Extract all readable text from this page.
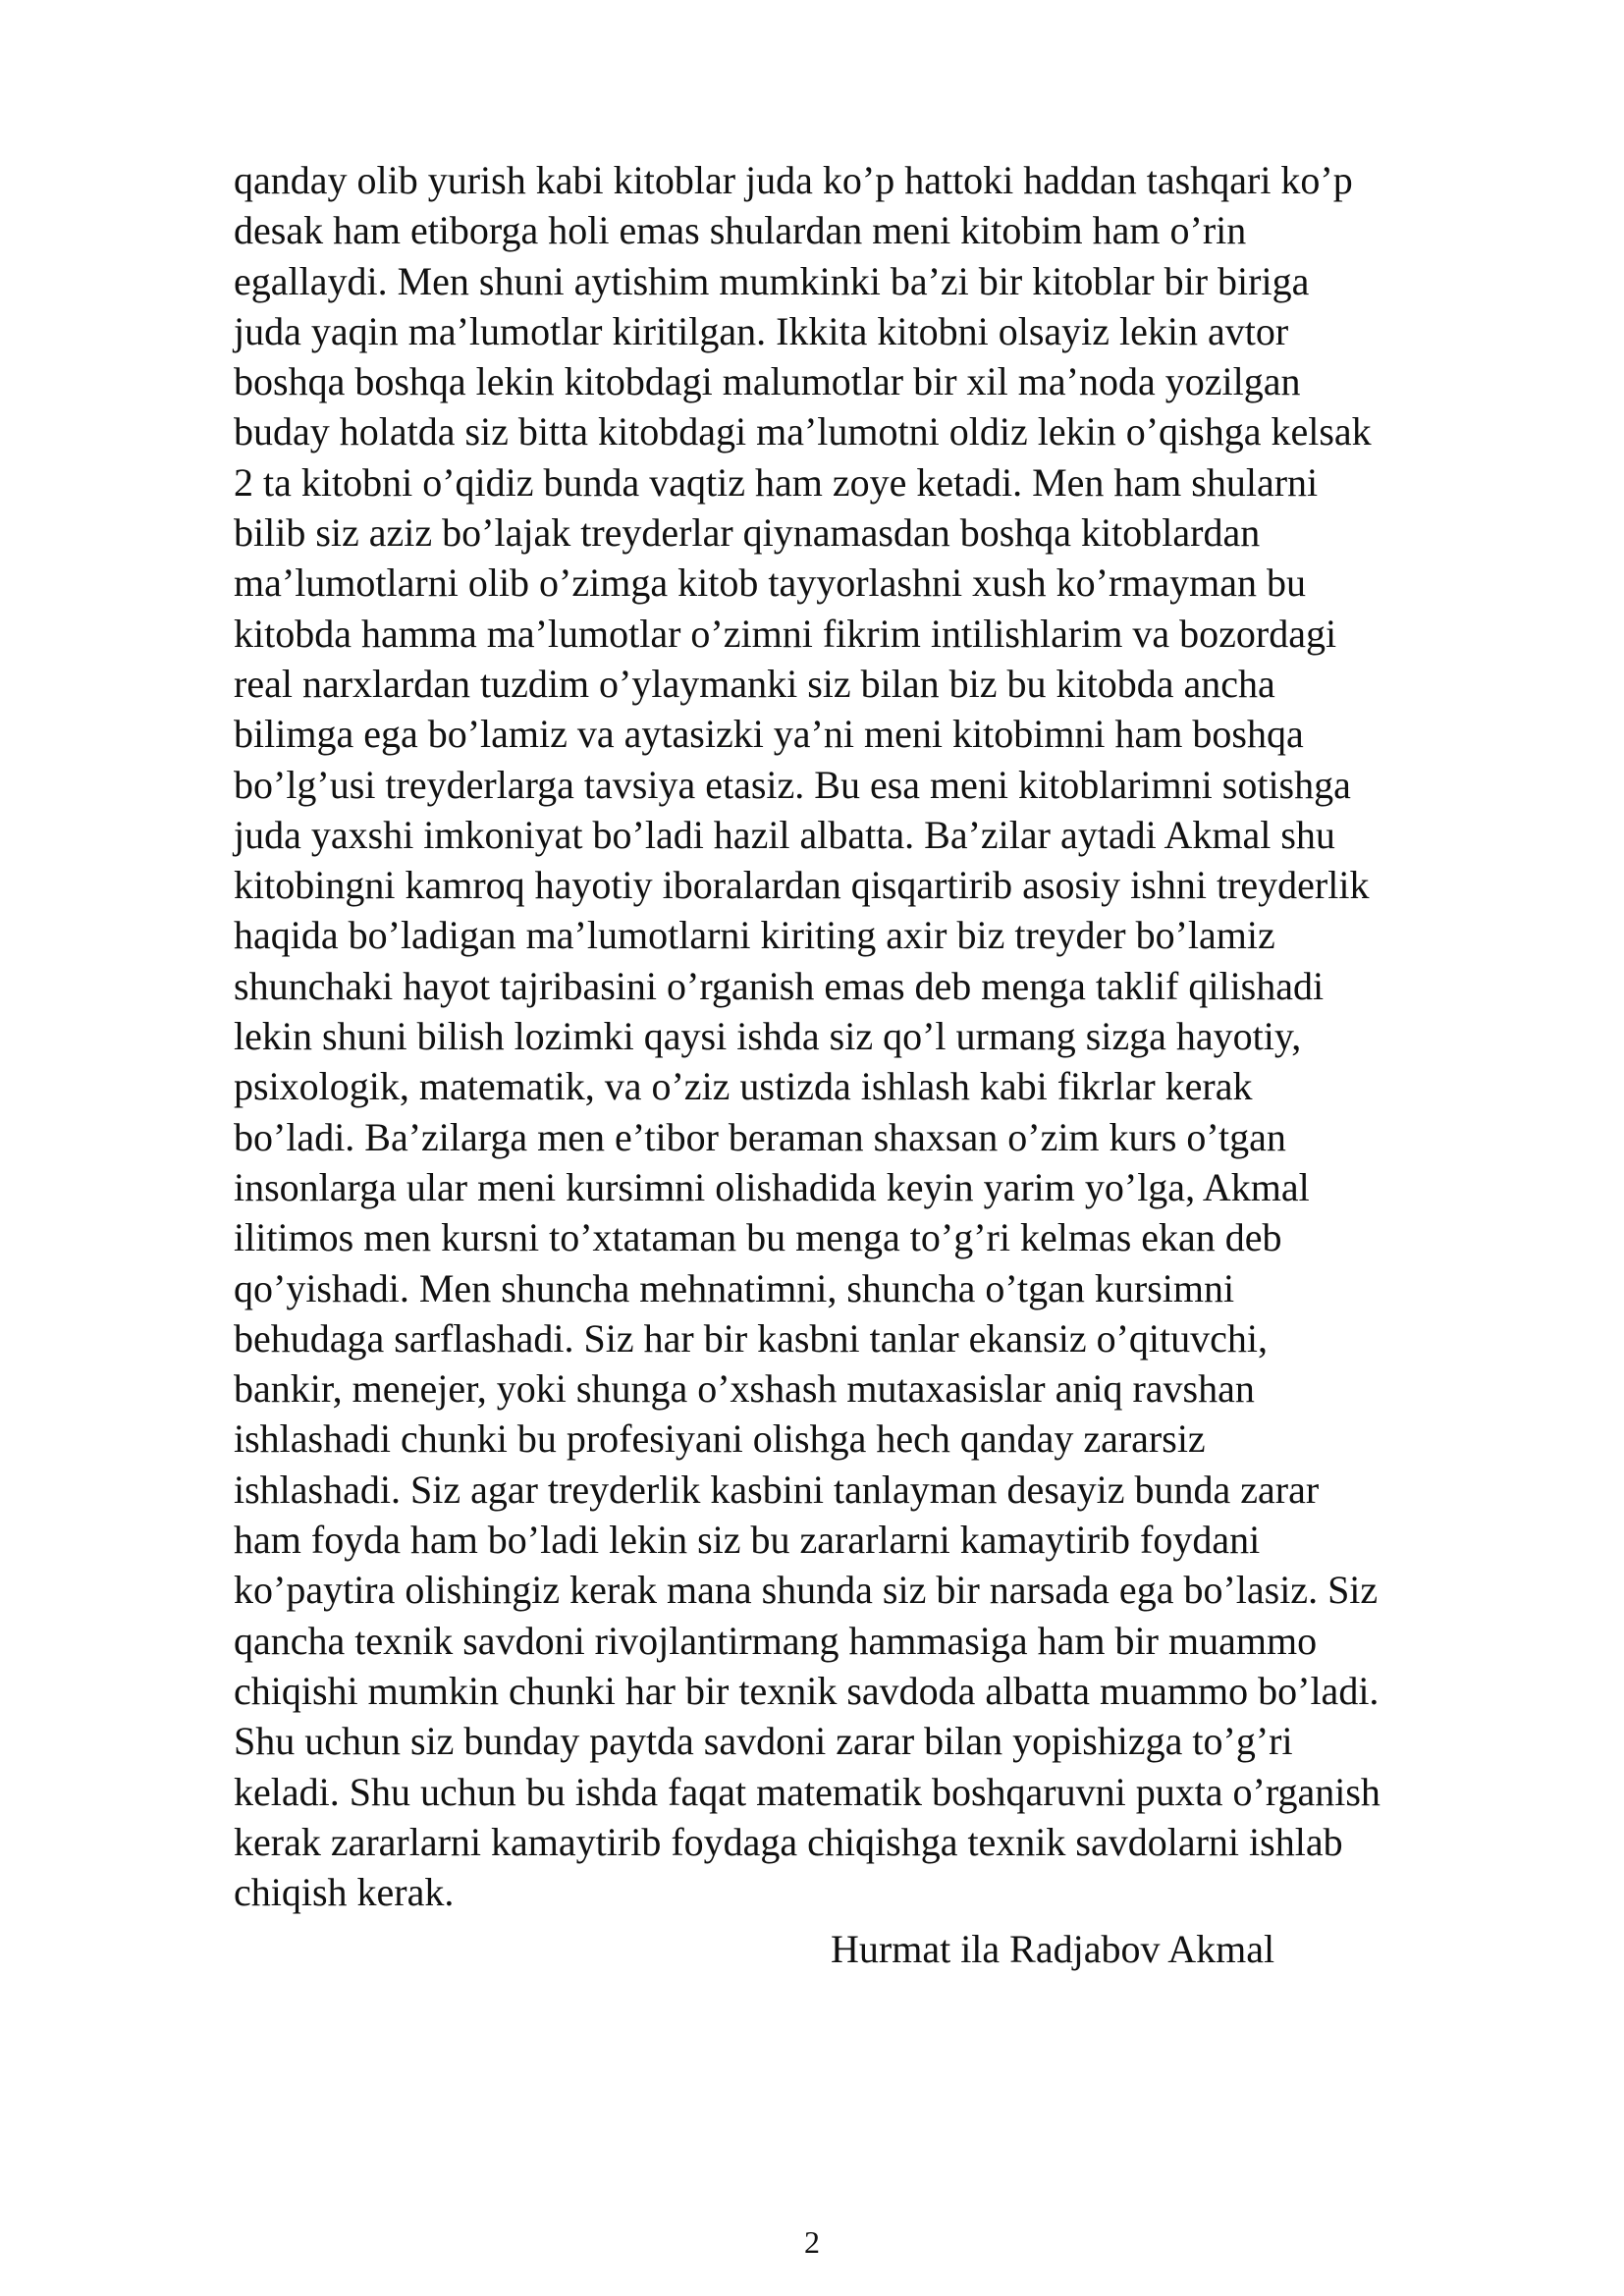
qanday olib yurish kabi kitoblar juda ko’p hattoki haddan tashqari ko’p
desak ham etiborga holi emas shulardan meni kitobim ham o’rin
egallaydi. Men shuni aytishim mumkinki ba’zi bir kitoblar bir biriga
juda yaqin ma’lumotlar kiritilgan. Ikkita kitobni olsayiz lekin avtor
boshqa boshqa lekin kitobdagi malumotlar bir xil ma’noda yozilgan
buday holatda siz bitta kitobdagi ma’lumotni oldiz lekin o’qishga kelsak
2 ta kitobni o’qidiz bunda vaqtiz ham zoye ketadi. Men ham shularni
bilib siz aziz bo’lajak treyderlar qiynamasdan boshqa kitoblardan
ma’lumotlarni olib o’zimga kitob tayyorlashni xush ko’rmayman bu
kitobda hamma ma’lumotlar o’zimni fikrim intilishlarim va bozordagi
real narxlardan tuzdim o’ylaymanki siz bilan biz bu kitobda ancha
bilimga ega bo’lamiz va aytasizki ya’ni meni kitobimni ham boshqa
bo’lg’usi treyderlarga tavsiya etasiz. Bu esa meni kitoblarimni sotishga
juda yaxshi imkoniyat bo’ladi hazil albatta. Ba’zilar aytadi Akmal shu
kitobingni kamroq hayotiy iboralardan qisqartirib asosiy ishni treyderlik
haqida bo’ladigan ma’lumotlarni kiriting axir biz treyder bo’lamiz
shunchaki hayot tajribasini o’rganish emas deb menga taklif qilishadi
lekin shuni bilish lozimki qaysi ishda siz qo’l urmang sizga hayotiy,
psixologik, matematik, va o’ziz ustizda ishlash kabi fikrlar kerak
bo’ladi. Ba’zilarga men e’tibor beraman shaxsan o’zim kurs o’tgan
insonlarga ular meni kursimni olishadida keyin yarim yo’lga, Akmal
ilitimos men kursni to’xtataman bu menga to’g’ri kelmas ekan deb
qo’yishadi. Men shuncha mehnatimni, shuncha o’tgan kursimni
behudaga sarflashadi. Siz har bir kasbni tanlar ekansiz o’qituvchi,
bankir, menejer, yoki shunga o’xshash mutaxasislar aniq ravshan
ishlashadi chunki bu profesiyani olishga hech qanday zararsiz
ishlashadi. Siz agar treyderlik kasbini tanlayman desayiz bunda zarar
ham foyda ham bo’ladi lekin siz bu zararlarni kamaytirib foydani
ko’paytira olishingiz kerak mana shunda siz bir narsada ega bo’lasiz. Siz
qancha texnik savdoni rivojlantirmang hammasiga ham bir muammo
chiqishi mumkin chunki har bir texnik savdoda albatta muammo bo’ladi.
Shu uchun siz bunday paytda savdoni zarar bilan yopishizga to’g’ri
keladi. Shu uchun bu ishda faqat matematik boshqaruvni puxta o’rganish
kerak zararlarni kamaytirib foydaga chiqishga texnik savdolarni ishlab
chiqish kerak.
Hurmat ila Radjabov Akmal
2
